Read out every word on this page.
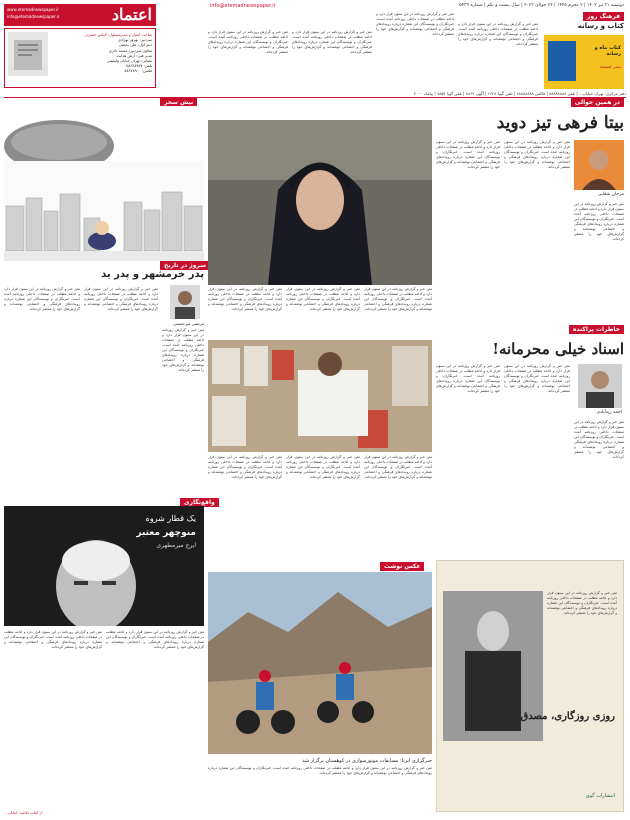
اعتماد
www.etemadnewspaper.ir
info@etemadnewspaper.ir
info@etemadnewspaper.ir	دوشنبه ۳۱ تیر ۱۴۰۲ | ۲ محرم ۱۴۴۵ | ۲۴ جولای ۲۰۲۳ | سال بیست و یکم | شماره ۵۴۳۹
صاحب امتیاز و مدیرمسئول: الیاس حضرتی
سردبیر: بهروز بهزادی
دبیر اول: علی بخشی
معاون سردبیر: محمد نادری
مدیر فنی: آرش هدایت
نشانی: تهران خیابان ولیعصر
تلفن: ۸۸۶۷۸۹۸۷
فکس: ۸۸۶۷۸۹۰۰
دفتر مرکزی: تهران خیابان... | تلفن ۸۸۸۸۸۸۸۸ | فاکس ۸۸۸۸۸۸۸۸ | تلفن گویا ۶۶۲۸ | آگهی ۸۸۶۷ | تلفن گویا ۸۸۵۴ | پیامک ۳۰۰۰
متن خبر و گزارش روزنامه در این ستون قرار دارد و ادامه مطلب در صفحات داخلی روزنامه آمده است. خبرنگاران و نویسندگان این شماره درباره رویدادهای فرهنگی و اجتماعی نوشته‌اند و گزارش‌های خود را منتشر کرده‌اند.
متن خبر و گزارش روزنامه در این ستون قرار دارد و ادامه مطلب در صفحات داخلی روزنامه آمده است. خبرنگاران و نویسندگان این شماره درباره رویدادهای فرهنگی و اجتماعی نوشته‌اند و گزارش‌های خود را منتشر کرده‌اند.
متن خبر و گزارش روزنامه در این ستون قرار دارد و ادامه مطلب در صفحات داخلی روزنامه آمده است. خبرنگاران و نویسندگان این شماره درباره رویدادهای فرهنگی و اجتماعی نوشته‌اند و گزارش‌های خود را منتشر کرده‌اند.
متن خبر و گزارش روزنامه در این ستون قرار دارد و ادامه مطلب در صفحات داخلی روزنامه آمده است. خبرنگاران و نویسندگان این شماره درباره رویدادهای فرهنگی و اجتماعی نوشته‌اند و گزارش‌های خود را منتشر کرده‌اند.
فرهنگ روز
کتاب و رسانه
کتاب ماه و رسانه
نشر چشمه
نیش سحر
سروژ در تاریخ
پدر خرمشهر و پدر ید
مرتضی میرحسینی
متن خبر و گزارش روزنامه در این ستون قرار دارد و ادامه مطلب در صفحات داخلی روزنامه آمده است. خبرنگاران و نویسندگان این شماره درباره رویدادهای فرهنگی و اجتماعی نوشته‌اند و گزارش‌های خود را منتشر کرده‌اند.
متن خبر و گزارش روزنامه در این ستون قرار دارد و ادامه مطلب در صفحات داخلی روزنامه آمده است. خبرنگاران و نویسندگان این شماره درباره رویدادهای فرهنگی و اجتماعی نوشته‌اند و گزارش‌های خود را منتشر کرده‌اند.
متن خبر و گزارش روزنامه در این ستون قرار دارد و ادامه مطلب در صفحات داخلی روزنامه آمده است. خبرنگاران و نویسندگان این شماره درباره رویدادهای فرهنگی و اجتماعی نوشته‌اند و گزارش‌های خود را منتشر کرده‌اند.
واقع‌نگاری
یک قطار شروه
منوچهر معتبر
ایرج میرمطهری
متن خبر و گزارش روزنامه در این ستون قرار دارد و ادامه مطلب در صفحات داخلی روزنامه آمده است. خبرنگاران و نویسندگان این شماره درباره رویدادهای فرهنگی و اجتماعی نوشته‌اند و گزارش‌های خود را منتشر کرده‌اند.
متن خبر و گزارش روزنامه در این ستون قرار دارد و ادامه مطلب در صفحات داخلی روزنامه آمده است. خبرنگاران و نویسندگان این شماره درباره رویدادهای فرهنگی و اجتماعی نوشته‌اند و گزارش‌های خود را منتشر کرده‌اند.
از کتاب بلاغت خیابان...
متن خبر و گزارش روزنامه در این ستون قرار دارد و ادامه مطلب در صفحات داخلی روزنامه آمده است. خبرنگاران و نویسندگان این شماره درباره رویدادهای فرهنگی و اجتماعی نوشته‌اند و گزارش‌های خود را منتشر کرده‌اند.
متن خبر و گزارش روزنامه در این ستون قرار دارد و ادامه مطلب در صفحات داخلی روزنامه آمده است. خبرنگاران و نویسندگان این شماره درباره رویدادهای فرهنگی و اجتماعی نوشته‌اند و گزارش‌های خود را منتشر کرده‌اند.
متن خبر و گزارش روزنامه در این ستون قرار دارد و ادامه مطلب در صفحات داخلی روزنامه آمده است. خبرنگاران و نویسندگان این شماره درباره رویدادهای فرهنگی و اجتماعی نوشته‌اند و گزارش‌های خود را منتشر کرده‌اند.
متن خبر و گزارش روزنامه در این ستون قرار دارد و ادامه مطلب در صفحات داخلی روزنامه آمده است. خبرنگاران و نویسندگان این شماره درباره رویدادهای فرهنگی و اجتماعی نوشته‌اند و گزارش‌های خود را منتشر کرده‌اند.
متن خبر و گزارش روزنامه در این ستون قرار دارد و ادامه مطلب در صفحات داخلی روزنامه آمده است. خبرنگاران و نویسندگان این شماره درباره رویدادهای فرهنگی و اجتماعی نوشته‌اند و گزارش‌های خود را منتشر کرده‌اند.
متن خبر و گزارش روزنامه در این ستون قرار دارد و ادامه مطلب در صفحات داخلی روزنامه آمده است. خبرنگاران و نویسندگان این شماره درباره رویدادهای فرهنگی و اجتماعی نوشته‌اند و گزارش‌های خود را منتشر کرده‌اند.
عکس نوشت
خبرگزاری ایرنا: مسابقات موتورسواری در کوهستان برگزار شد
متن خبر و گزارش روزنامه در این ستون قرار دارد و ادامه مطلب در صفحات داخلی روزنامه آمده است. خبرنگاران و نویسندگان این شماره درباره رویدادهای فرهنگی و اجتماعی نوشته‌اند و گزارش‌های خود را منتشر کرده‌اند.
در همین حوالی
بیتا فرهی تیز دوید
مرجان شفایی
متن خبر و گزارش روزنامه در این ستون قرار دارد و ادامه مطلب در صفحات داخلی روزنامه آمده است. خبرنگاران و نویسندگان این شماره درباره رویدادهای فرهنگی و اجتماعی نوشته‌اند و گزارش‌های خود را منتشر کرده‌اند.
متن خبر و گزارش روزنامه در این ستون قرار دارد و ادامه مطلب در صفحات داخلی روزنامه آمده است. خبرنگاران و نویسندگان این شماره درباره رویدادهای فرهنگی و اجتماعی نوشته‌اند و گزارش‌های خود را منتشر کرده‌اند.
متن خبر و گزارش روزنامه در این ستون قرار دارد و ادامه مطلب در صفحات داخلی روزنامه آمده است. خبرنگاران و نویسندگان این شماره درباره رویدادهای فرهنگی و اجتماعی نوشته‌اند و گزارش‌های خود را منتشر کرده‌اند.
خاطرات پراکنده
اسناد خیلی محرمانه!
احمد زیدآبادی
متن خبر و گزارش روزنامه در این ستون قرار دارد و ادامه مطلب در صفحات داخلی روزنامه آمده است. خبرنگاران و نویسندگان این شماره درباره رویدادهای فرهنگی و اجتماعی نوشته‌اند و گزارش‌های خود را منتشر کرده‌اند.
متن خبر و گزارش روزنامه در این ستون قرار دارد و ادامه مطلب در صفحات داخلی روزنامه آمده است. خبرنگاران و نویسندگان این شماره درباره رویدادهای فرهنگی و اجتماعی نوشته‌اند و گزارش‌های خود را منتشر کرده‌اند.
متن خبر و گزارش روزنامه در این ستون قرار دارد و ادامه مطلب در صفحات داخلی روزنامه آمده است. خبرنگاران و نویسندگان این شماره درباره رویدادهای فرهنگی و اجتماعی نوشته‌اند و گزارش‌های خود را منتشر کرده‌اند.
روزی روزگاری، مصدق
انتشارات گوی
متن خبر و گزارش روزنامه در این ستون قرار دارد و ادامه مطلب در صفحات داخلی روزنامه آمده است. خبرنگاران و نویسندگان این شماره درباره رویدادهای فرهنگی و اجتماعی نوشته‌اند و گزارش‌های خود را منتشر کرده‌اند.
